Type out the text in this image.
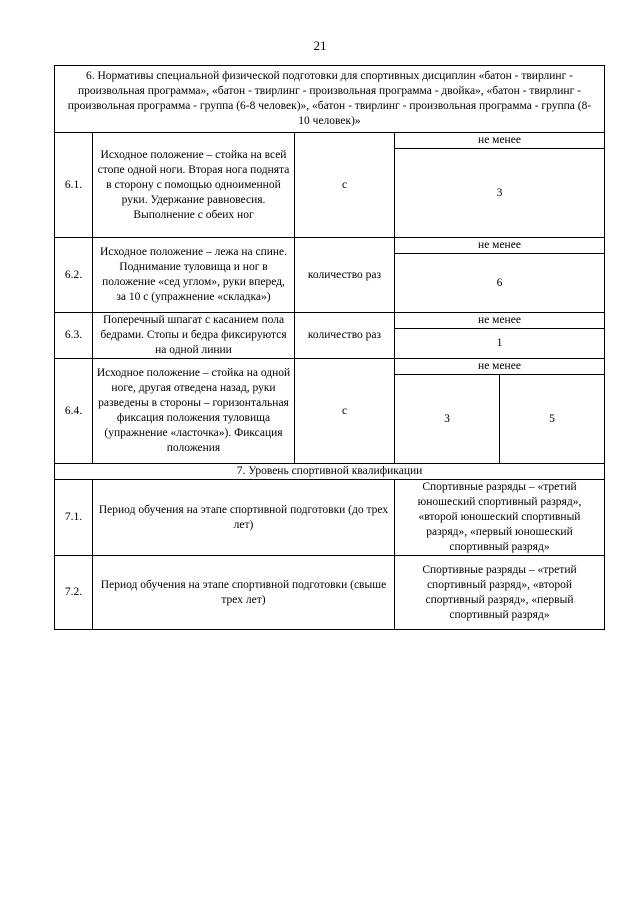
21
6. Нормативы специальной физической подготовки для спортивных дисциплин «батон - твирлинг - произвольная программа», «батон - твирлинг - произвольная программа - двойка», «батон - твирлинг - произвольная программа - группа (6-8 человек)», «батон - твирлинг - произвольная программа - группа (8-10 человек)»				
6.1.	Исходное положение – стойка на всей стопе одной ноги. Вторая нога поднята в сторону с помощью одноименной руки. Удержание равновесия. Выполнение с обеих ног	с	не менее	
			3	
6.2.	Исходное положение – лежа на спине. Поднимание туловища и ног в положение «сед углом», руки вперед, за 10 с (упражнение «складка»)	количество раз	не менее	
			6	
6.3.	Поперечный шпагат с касанием пола бедрами. Стопы и бедра фиксируются на одной линии	количество раз	не менее	
			1	
6.4.	Исходное положение – стойка на одной ноге, другая отведена назад, руки разведены в стороны – горизонтальная фиксация положения туловища (упражнение «ласточка»). Фиксация положения	с	не менее	
			3	5
7. Уровень спортивной квалификации				
7.1.	Период обучения на этапе спортивной подготовки (до трех лет)		Спортивные разряды – «третий юношеский спортивный разряд», «второй юношеский спортивный разряд», «первый юношеский спортивный разряд»	
7.2.	Период обучения на этапе спортивной подготовки (свыше трех лет)		Спортивные разряды – «третий спортивный разряд», «второй спортивный разряд», «первый спортивный разряд»	
